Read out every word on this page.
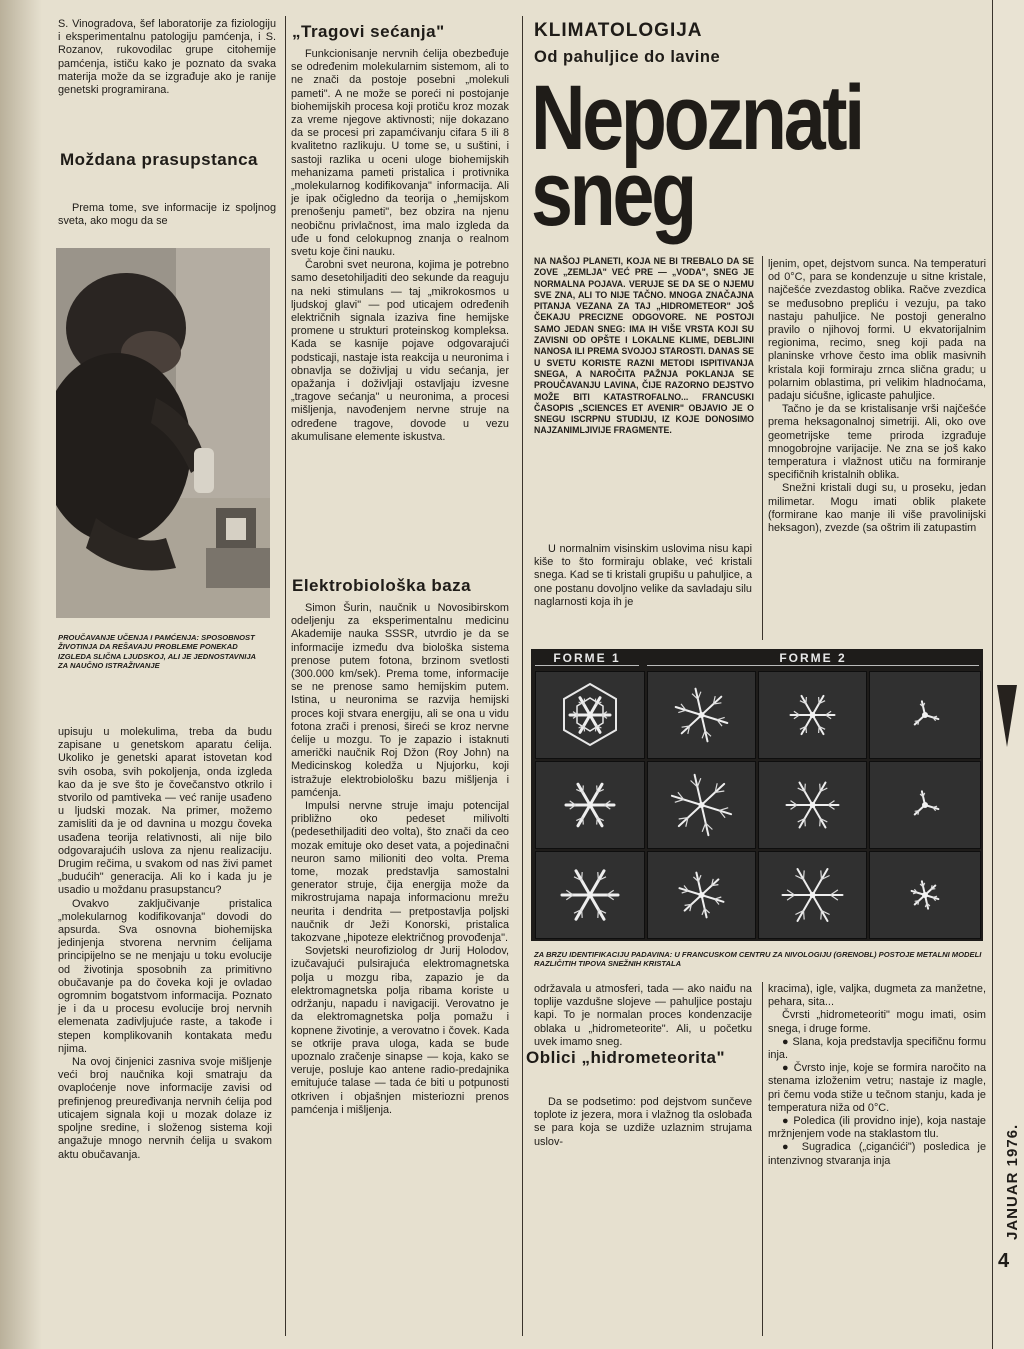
S. Vinogradova, šef laboratorije za fiziologiju i eksperimentalnu patologiju pamćenja, i S. Rozanov, rukovodilac grupe citohemije pamćenja, ističu kako je poznato da svaka materija može da se izgrađuje ako je ranije genetski programirana.

Moždana prasupstanca

Prema tome, sve informacije iz spoljnog sveta, ako mogu da se

PROUČAVANJE UČENJA I PAMĆENJA: SPOSOBNOST ŽIVOTINJA DA REŠAVAJU PROBLEME PONEKAD IZGLEDA SLIČNA LJUDSKOJ, ALI JE JEDNOSTAVNIJA ZA NAUČNO ISTRAŽIVANJE

upisuju u molekulima, treba da budu zapisane u genetskom aparatu ćelija. Ukoliko je genetski aparat istovetan kod svih osoba, svih pokoljenja, onda izgleda kao da je sve što je čovečanstvo otkrilo i stvorilo od pamtiveka — već ranije usađeno u ljudski mozak. Na primer, možemo zamisliti da je od davnina u mozgu čoveka usađena teorija relativnosti, ali nije bilo odgovarajućih uslova za njenu realizaciju. Drugim rečima, u svakom od nas živi pamet „budućih" generacija. Ali ko i kada ju je usadio u moždanu prasupstancu?

Ovakvo zaključivanje pristalica „molekularnog kodifikovanja" dovodi do apsurda. Sva osnovna biohemijska jedinjenja stvorena nervnim ćelijama principijelno se ne menjaju u toku evolucije od životinja sposobnih za primitivno obučavanje pa do čoveka koji je ovladao ogromnim bogatstvom informacija. Poznato je i da u procesu evolucije broj nervnih elemenata zadivljujuće raste, a takođe i stepen komplikovanih kontakata među njima.

Na ovoj činjenici zasniva svoje mišljenje veći broj naučnika koji smatraju da ovaploćenje nove informacije zavisi od prefinjenog preuređivanja nervnih ćelija pod uticajem signala koji u mozak dolaze iz spoljne sredine, i složenog sistema koji angažuje mnogo nervnih ćelija u svakom aktu obučavanja.

„Tragovi sećanja"

Funkcionisanje nervnih ćelija obezbeđuje se određenim molekularnim sistemom, ali to ne znači da postoje posebni „molekuli pameti". A ne može se poreći ni postojanje biohemijskih procesa koji protiču kroz mozak za vreme njegove aktivnosti; nije dokazano da se procesi pri zapamćivanju cifara 5 ili 8 kvalitetno razlikuju. U tome se, u suštini, i sastoji razlika u oceni uloge biohemijskih mehanizama pameti pristalica i protivnika „molekularnog kodifikovanja" informacija. Ali je ipak očigledno da teorija o „hemijskom prenošenju pameti", bez obzira na njenu neobičnu privlačnost, ima malo izgleda da uđe u fond celokupnog znanja o realnom svetu koje čini nauku.

Čarobni svet neurona, kojima je potrebno samo desetohiljaditi deo sekunde da reaguju na neki stimulans — taj „mikrokosmos u ljudskoj glavi" — pod uticajem određenih električnih signala izaziva fine hemijske promene u strukturi proteinskog kompleksa. Kada se kasnije pojave odgovarajući podsticaji, nastaje ista reakcija u neuronima i obnavlja se doživljaj u vidu sećanja, jer opažanja i doživljaji ostavljaju izvesne „tragove sećanja" u neuronima, a procesi mišljenja, navođenjem nervne struje na određene tragove, dovode u vezu akumulisane elemente iskustva.

Elektrobiološka baza

Simon Šurin, naučnik u Novosibirskom odeljenju za eksperimentalnu medicinu Akademije nauka SSSR, utvrdio je da se informacije između dva biološka sistema prenose putem fotona, brzinom svetlosti (300.000 km/sek). Prema tome, informacije se ne prenose samo hemijskim putem. Istina, u neuronima se razvija hemijski proces koji stvara energiju, ali se ona u vidu fotona zrači i prenosi, šireći se kroz nervne ćelije u mozgu. To je zapazio i istaknuti američki naučnik Roj Džon (Roy John) na Medicinskog koledža u Njujorku, koji istražuje elektrobiološku bazu mišljenja i pamćenja.

Impulsi nervne struje imaju potencijal približno oko pedeset milivolti (pedesethiljaditi deo volta), što znači da ceo mozak emituje oko deset vata, a pojedinačni neuron samo milioniti deo volta. Prema tome, mozak predstavlja samostalni generator struje, čija energija može da mikrostrujama napaja informacionu mrežu neurita i dendrita — pretpostavlja poljski naučnik dr Ježi Konorski, pristalica takozvane „hipoteze električnog provođenja".

Sovjetski neurofiziolog dr Jurij Holodov, izučavajući pulsirajuća elektromagnetska polja u mozgu riba, zapazio je da elektromagnetska polja ribama koriste u održanju, napadu i navigaciji. Verovatno je da elektromagnetska polja pomažu i kopnene životinje, a verovatno i čovek. Kada se otkrije prava uloga, kada se bude upoznalo zračenje sinapse — koja, kako se veruje, posluje kao antene radio-predajnika emitujuće talase — tada će biti u potpunosti otkriven i objašnjen misteriozni prenos pamćenja i mišljenja.

KLIMATOLOGIJA
Od pahuljice do lavine
Nepoznati
sneg
NA NAŠOJ PLANETI, KOJA NE BI TREBALO DA SE ZOVE „ZEMLJA" VEĆ PRE — „VODA", SNEG JE NORMALNA POJAVA. VERUJE SE DA SE O NJEMU SVE ZNA, ALI TO NIJE TAČNO. MNOGA ZNAČAJNA PITANJA VEZANA ZA TAJ „HIDROMETEOR" JOŠ ČEKAJU PRECIZNE ODGOVORE. NE POSTOJI SAMO JEDAN SNEG: IMA IH VIŠE VRSTA KOJI SU ZAVISNI OD OPŠTE I LOKALNE KLIME, DEBLJINI NANOSA ILI PREMA SVOJOJ STAROSTI. DANAS SE U SVETU KORISTE RAZNI METODI ISPITIVANJA SNEGA, A NAROČITA PAŽNJA POKLANJA SE PROUČAVANJU LAVINA, ČIJE RAZORNO DEJSTVO MOŽE BITI KATASTROFALNO... FRANCUSKI ČASOPIS „SCIENCES ET AVENIR" OBJAVIO JE O SNEGU ISCRPNU STUDIJU, IZ KOJE DONOSIMO NAJZANIMLJIVIJE FRAGMENTE.

U normalnim visinskim uslovima nisu kapi kiše to što formiraju oblake, već kristali snega. Kad se ti kristali grupišu u pahuljice, a one postanu dovoljno velike da savladaju silu naglarnosti koja ih je

ljenim, opet, dejstvom sunca. Na temperaturi od 0°C, para se kondenzuje u sitne kristale, najčešće zvezdastog oblika. Račve zvezdica se međusobno prepliću i vezuju, pa tako nastaju pahuljice. Ne postoji generalno pravilo o njihovoj formi. U ekvatorijalnim regionima, recimo, sneg koji pada na planinske vrhove često ima oblik masivnih kristala koji formiraju zrnca slična gradu; u polarnim oblastima, pri velikim hladnoćama, padaju sićušne, iglicaste pahuljice.

Tačno je da se kristalisanje vrši najčešće prema heksagonalnoj simetriji. Ali, oko ove geometrijske teme priroda izgrađuje mnogobrojne varijacije. Ne zna se još kako temperatura i vlažnost utiču na formiranje specifičnih kristalnih oblika.

Snežni kristali dugi su, u proseku, jedan milimetar. Mogu imati oblik plakete (formirane kao manje ili više pravolinijski heksagon), zvezde (sa oštrim ili zatupastim

FORME 1	FORME 2
ZA BRZU IDENTIFIKACIJU PADAVINA: U FRANCUSKOM CENTRU ZA NIVOLOGIJU (GRENOBL) POSTOJE METALNI MODELI RAZLIČITIH TIPOVA SNEŽNIH KRISTALA

održavala u atmosferi, tada — ako naiđu na toplije vazdušne slojeve — pahuljice postaju kapi. To je normalan proces kondenzacije oblaka u „hidrometeorite". Ali, u početku uvek imamo sneg.

Oblici „hidrometeorita"

Da se podsetimo: pod dejstvom sunčeve toplote iz jezera, mora i vlažnog tla oslobađa se para koja se uzdiže uzlaznim strujama uslov-

kracima), igle, valjka, dugmeta za manžetne, pehara, sita...

Čvrsti „hidrometeoriti" mogu imati, osim snega, i druge forme.

● Slana, koja predstavlja specifičnu formu inja.

● Čvrsto inje, koje se formira naročito na stenama izloženim vetru; nastaje iz magle, pri čemu voda stiže u tečnom stanju, kada je temperatura niža od 0°C.

● Poledica (ili providno inje), koja nastaje mržnjenjem vode na staklastom tlu.

● Sugradica („ciganćići") posledica je intenzivnog stvaranja inja	JANUAR 1976.
4
